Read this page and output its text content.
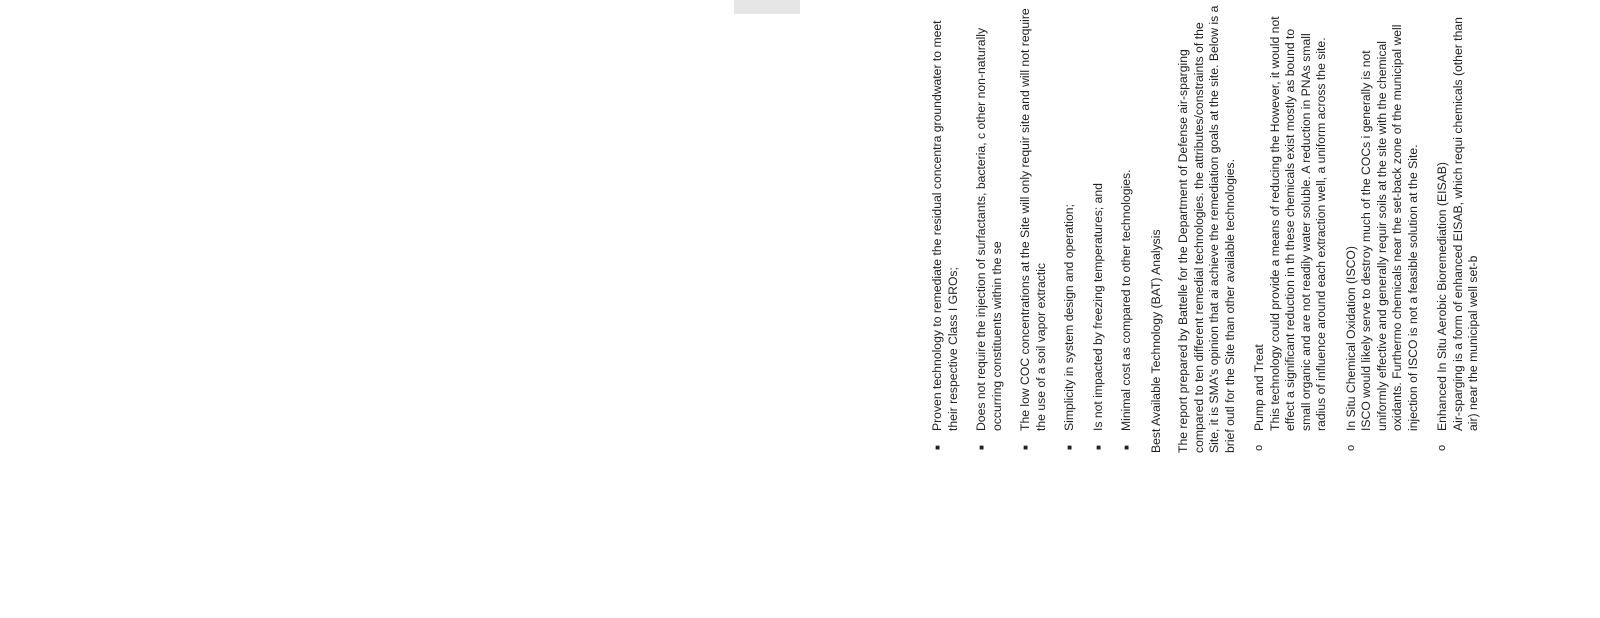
■ Proven technology to remediate the residual concentra groundwater to meet their respective Class I GROs; ■ Does not require the injection of surfactants, bacteria, c other non-naturally occurring constituents within the se ■ The low COC concentrations at the Site will only requir site and will not require the use of a soil vapor extractic ■ Simplicity in system design and operation; ■ Is not impacted by freezing temperatures; and ■ Minimal cost as compared to other technologies. Best Available Technology (BAT) Analysis The report prepared by Battelle for the Department of Defense air-sparging compared to ten different remedial technologies. the attributes/constraints of the Site, it is SMA's opinion that ai achieve the remediation goals at the site. Below is a brief outl for the Site than other available technologies. o
Pump and Treat This technology could provide a means of reducing the However, it would not effect a significant reduction in th these chemicals exist mostly as bound to small organic and are not readily water soluble. A reduction in PNAs small radius of influence around each extraction well, a uniform across the site.
o
In Situ Chemical Oxidation (ISCO) ISCO would likely serve to destroy much of the COCs i generally is not uniformly effective and generally requir soils at the site with the chemical oxidants. Furthermo chemicals near the set-back zone of the municipal well injection of ISCO is not a feasible solution at the Site.
o
Enhanced In Situ Aerobic Bioremediation (EISAB) Air-sparging is a form of enhanced EISAB, which requi chemicals (other than air) near the municipal well set-b
